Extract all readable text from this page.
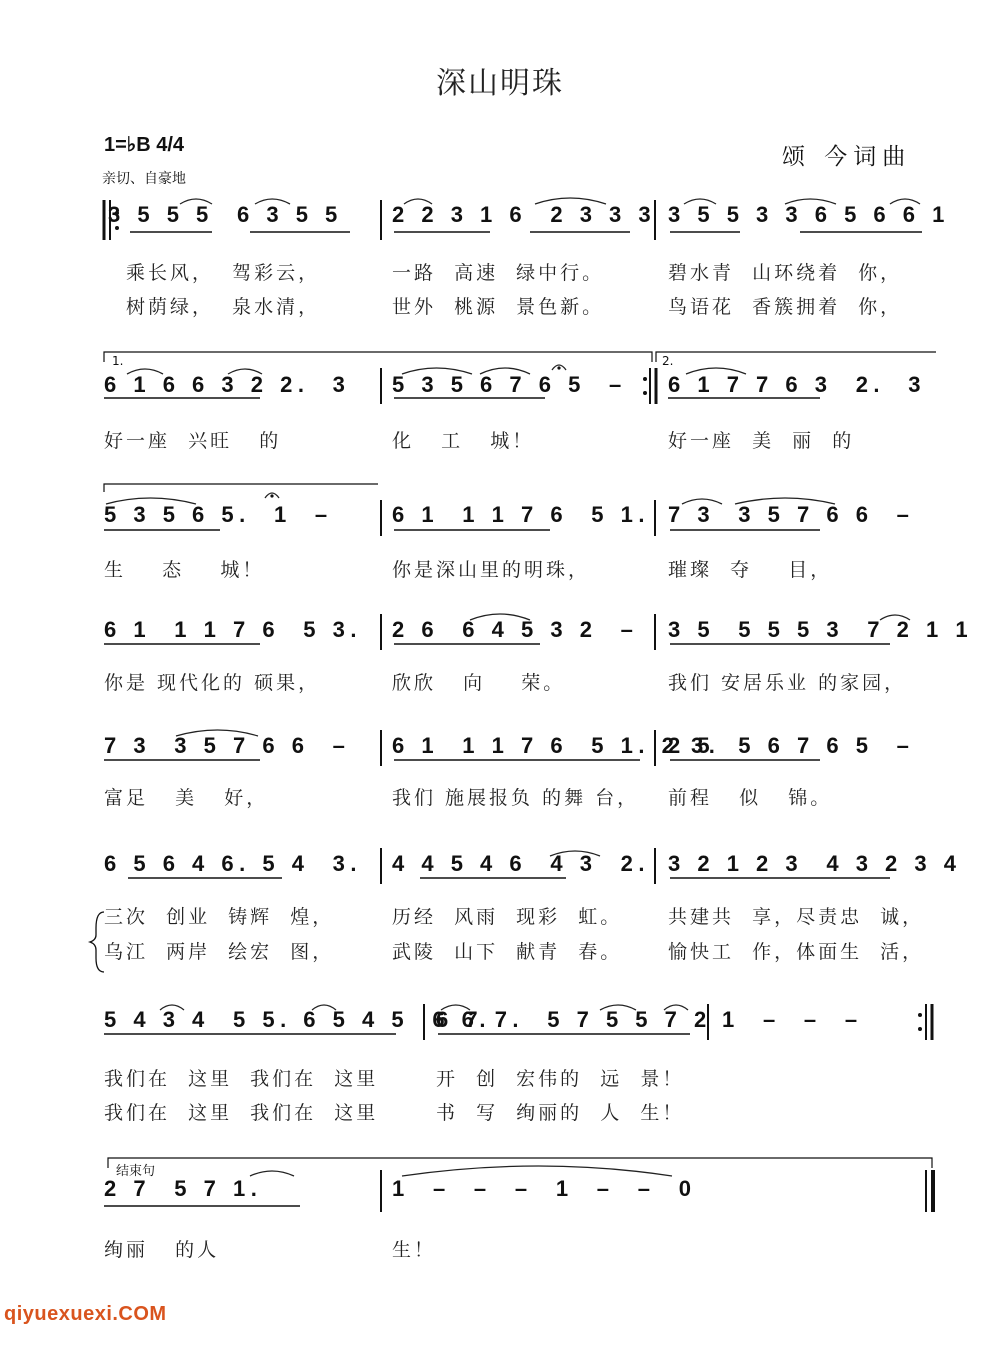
深山明珠
1=♭B 4/4
亲切、自豪地
颂 今词曲
3 5 5 5  6 3 5 5 2 2 3 1 6  2 3 3 3 3 5 5 3 3 6 5 6 6 1
乘长风，  驾彩云，	一路  高速  绿中行。	碧水青  山环绕着  你，
树荫绿，  泉水清，	世外  桃源  景色新。	鸟语花  香簇拥着  你，
6 1 6 6 3 2 2.  3 5 3 5 6 7 6 5  – 6 1 7 7 6 3  2.  3
好一座  兴旺   的	化   工   城！	好一座  美  丽  的
5 3 5 6 5.  1  –	6 1  1 1 7 6  5 1. 7 3  3 5 7 6 6  –
生    态    城！	你是深山里的明珠，	璀璨  夺    目，
6 1  1 1 7 6  5 3. 2 6  6 4 5 3 2  – 3 5  5 5 5 3  7 2 1 1
你是 现代化的 硕果，	欣欣   向    荣。	我们 安居乐业 的家园，
7 3  3 5 7 6 6  – 6 1  1 1 7 6  5 1. 2 3.
2 5  5 6 7 6 5  –
富足   美   好，	我们 施展报负 的舞 台， 前程   似   锦。
6 5 6 4 6. 5 4  3. 4 4 5 4 6  4 3  2. 3 2 1 2 3  4 3 2 3 4
三次  创业  铸辉  煌，	历经  风雨  现彩  虹。 共建共  享，尽责忠  诚，
乌江  两岸  绘宏  图，	武陵  山下  献青  春。 愉快工  作，体面生  活，
5 4 3 4  5 5. 6 5 4 5  6 6.
6 7 7.  5 7 5 5 7 2 1  –  –  –
我们在  这里  我们在  这里	开  创  宏伟的  远  景！
我们在  这里  我们在  这里	书  写  绚丽的  人  生！
2 7  5 7 1.	1  –  –  –  1  –  –  0
绚丽   的人	生！
1.	2.
结束句
qiyuexuexi.COM
